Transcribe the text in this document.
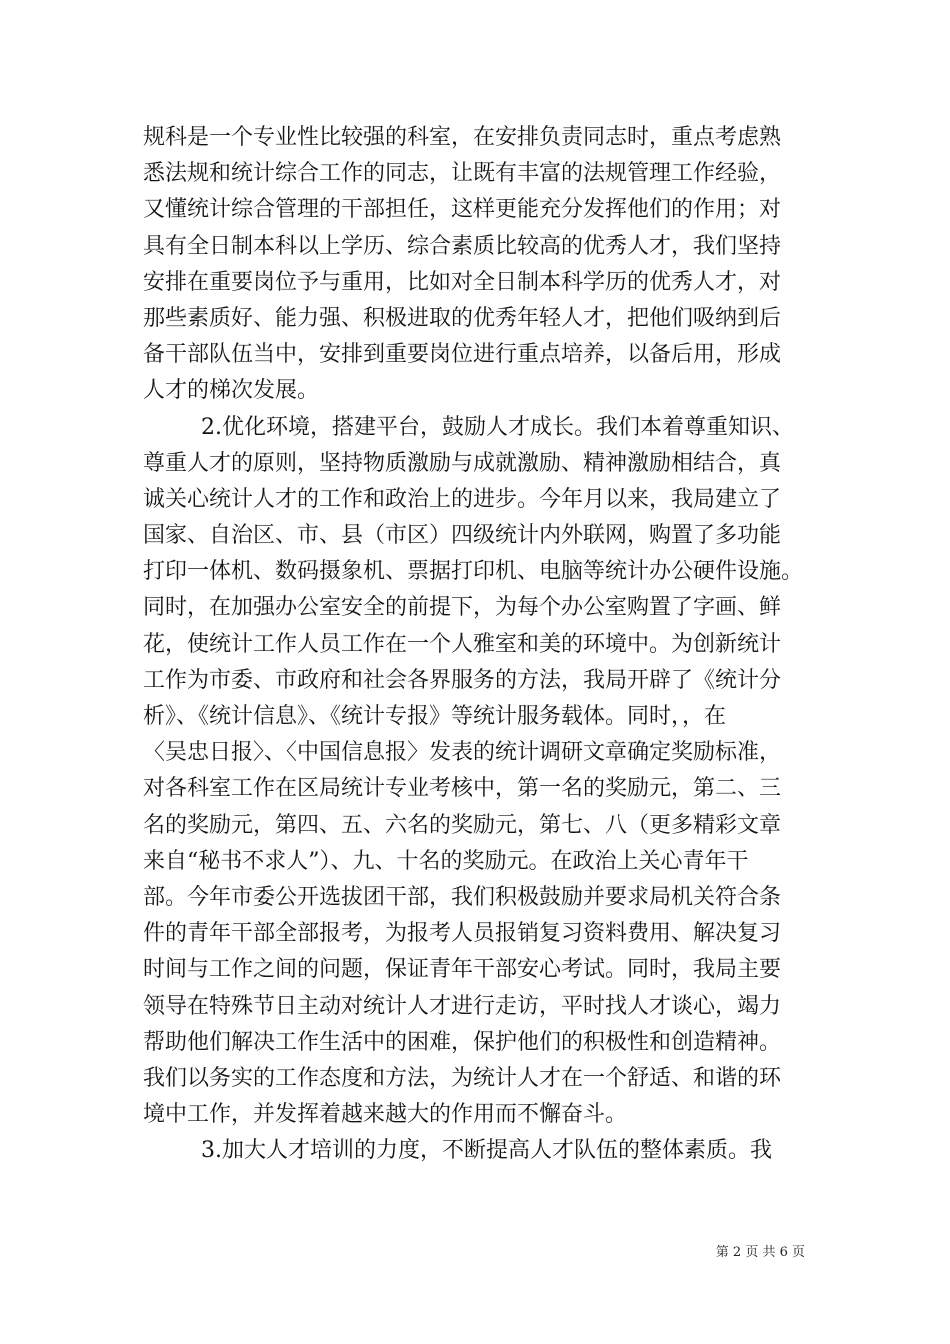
规科是一个专业性比较强的科室，在安排负责同志时，重点考虑熟
悉法规和统计综合工作的同志，让既有丰富的法规管理工作经验，
又懂统计综合管理的干部担任，这样更能充分发挥他们的作用；对
具有全日制本科以上学历、综合素质比较高的优秀人才，我们坚持
安排在重要岗位予与重用，比如对全日制本科学历的优秀人才，对
那些素质好、能力强、积极进取的优秀年轻人才，把他们吸纳到后
备干部队伍当中，安排到重要岗位进行重点培养，以备后用，形成
人才的梯次发展。
2.优化环境，搭建平台，鼓励人才成长。我们本着尊重知识、
尊重人才的原则，坚持物质激励与成就激励、精神激励相结合，真
诚关心统计人才的工作和政治上的进步。今年月以来，我局建立了
国家、自治区、市、县（市区）四级统计内外联网，购置了多功能
打印一体机、数码摄象机、票据打印机、电脑等统计办公硬件设施。
同时，在加强办公室安全的前提下，为每个办公室购置了字画、鲜
花，使统计工作人员工作在一个人雅室和美的环境中。为创新统计
工作为市委、市政府和社会各界服务的方法，我局开辟了《统计分
析》、《统计信息》、《统计专报》等统计服务载体。同时，，在
〈吴忠日报〉、〈中国信息报〉发表的统计调研文章确定奖励标准，
对各科室工作在区局统计专业考核中，第一名的奖励元，第二、三
名的奖励元，第四、五、六名的奖励元，第七、八（更多精彩文章
来自“秘书不求人”）、九、十名的奖励元。在政治上关心青年干
部。今年市委公开选拔团干部，我们积极鼓励并要求局机关符合条
件的青年干部全部报考，为报考人员报销复习资料费用、解决复习
时间与工作之间的问题，保证青年干部安心考试。同时，我局主要
领导在特殊节日主动对统计人才进行走访，平时找人才谈心，竭力
帮助他们解决工作生活中的困难，保护他们的积极性和创造精神。
我们以务实的工作态度和方法，为统计人才在一个舒适、和谐的环
境中工作，并发挥着越来越大的作用而不懈奋斗。
3.加大人才培训的力度，不断提高人才队伍的整体素质。我
第 2 页 共 6 页
